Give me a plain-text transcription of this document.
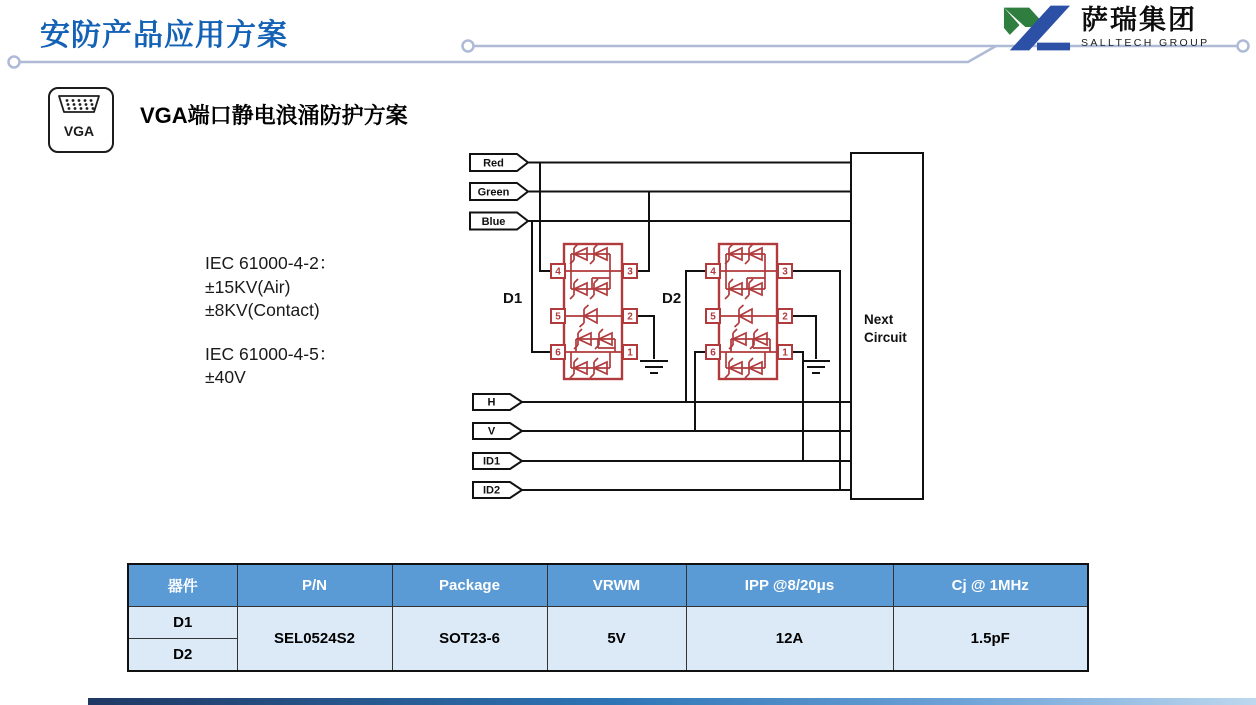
安防产品应用方案	萨瑞集团
SALLTECH GROUP
VGA
VGA端口静电浪涌防护方案
IEC 61000-4-2：
±15KV(Air)
±8KV(Contact)
IEC 61000-4-5：
±40V
Red
Green
Blue
H
V
ID1
ID2
4	3
5	2
6	1
4	3
5	2
6	1
D1	D2
Next
Circuit
器件	P/N	Package	VRWM	IPP @8/20μs	Cj @ 1MHz
D1	SEL0524S2	SOT23-6	5V	12A	1.5pF
D2					
